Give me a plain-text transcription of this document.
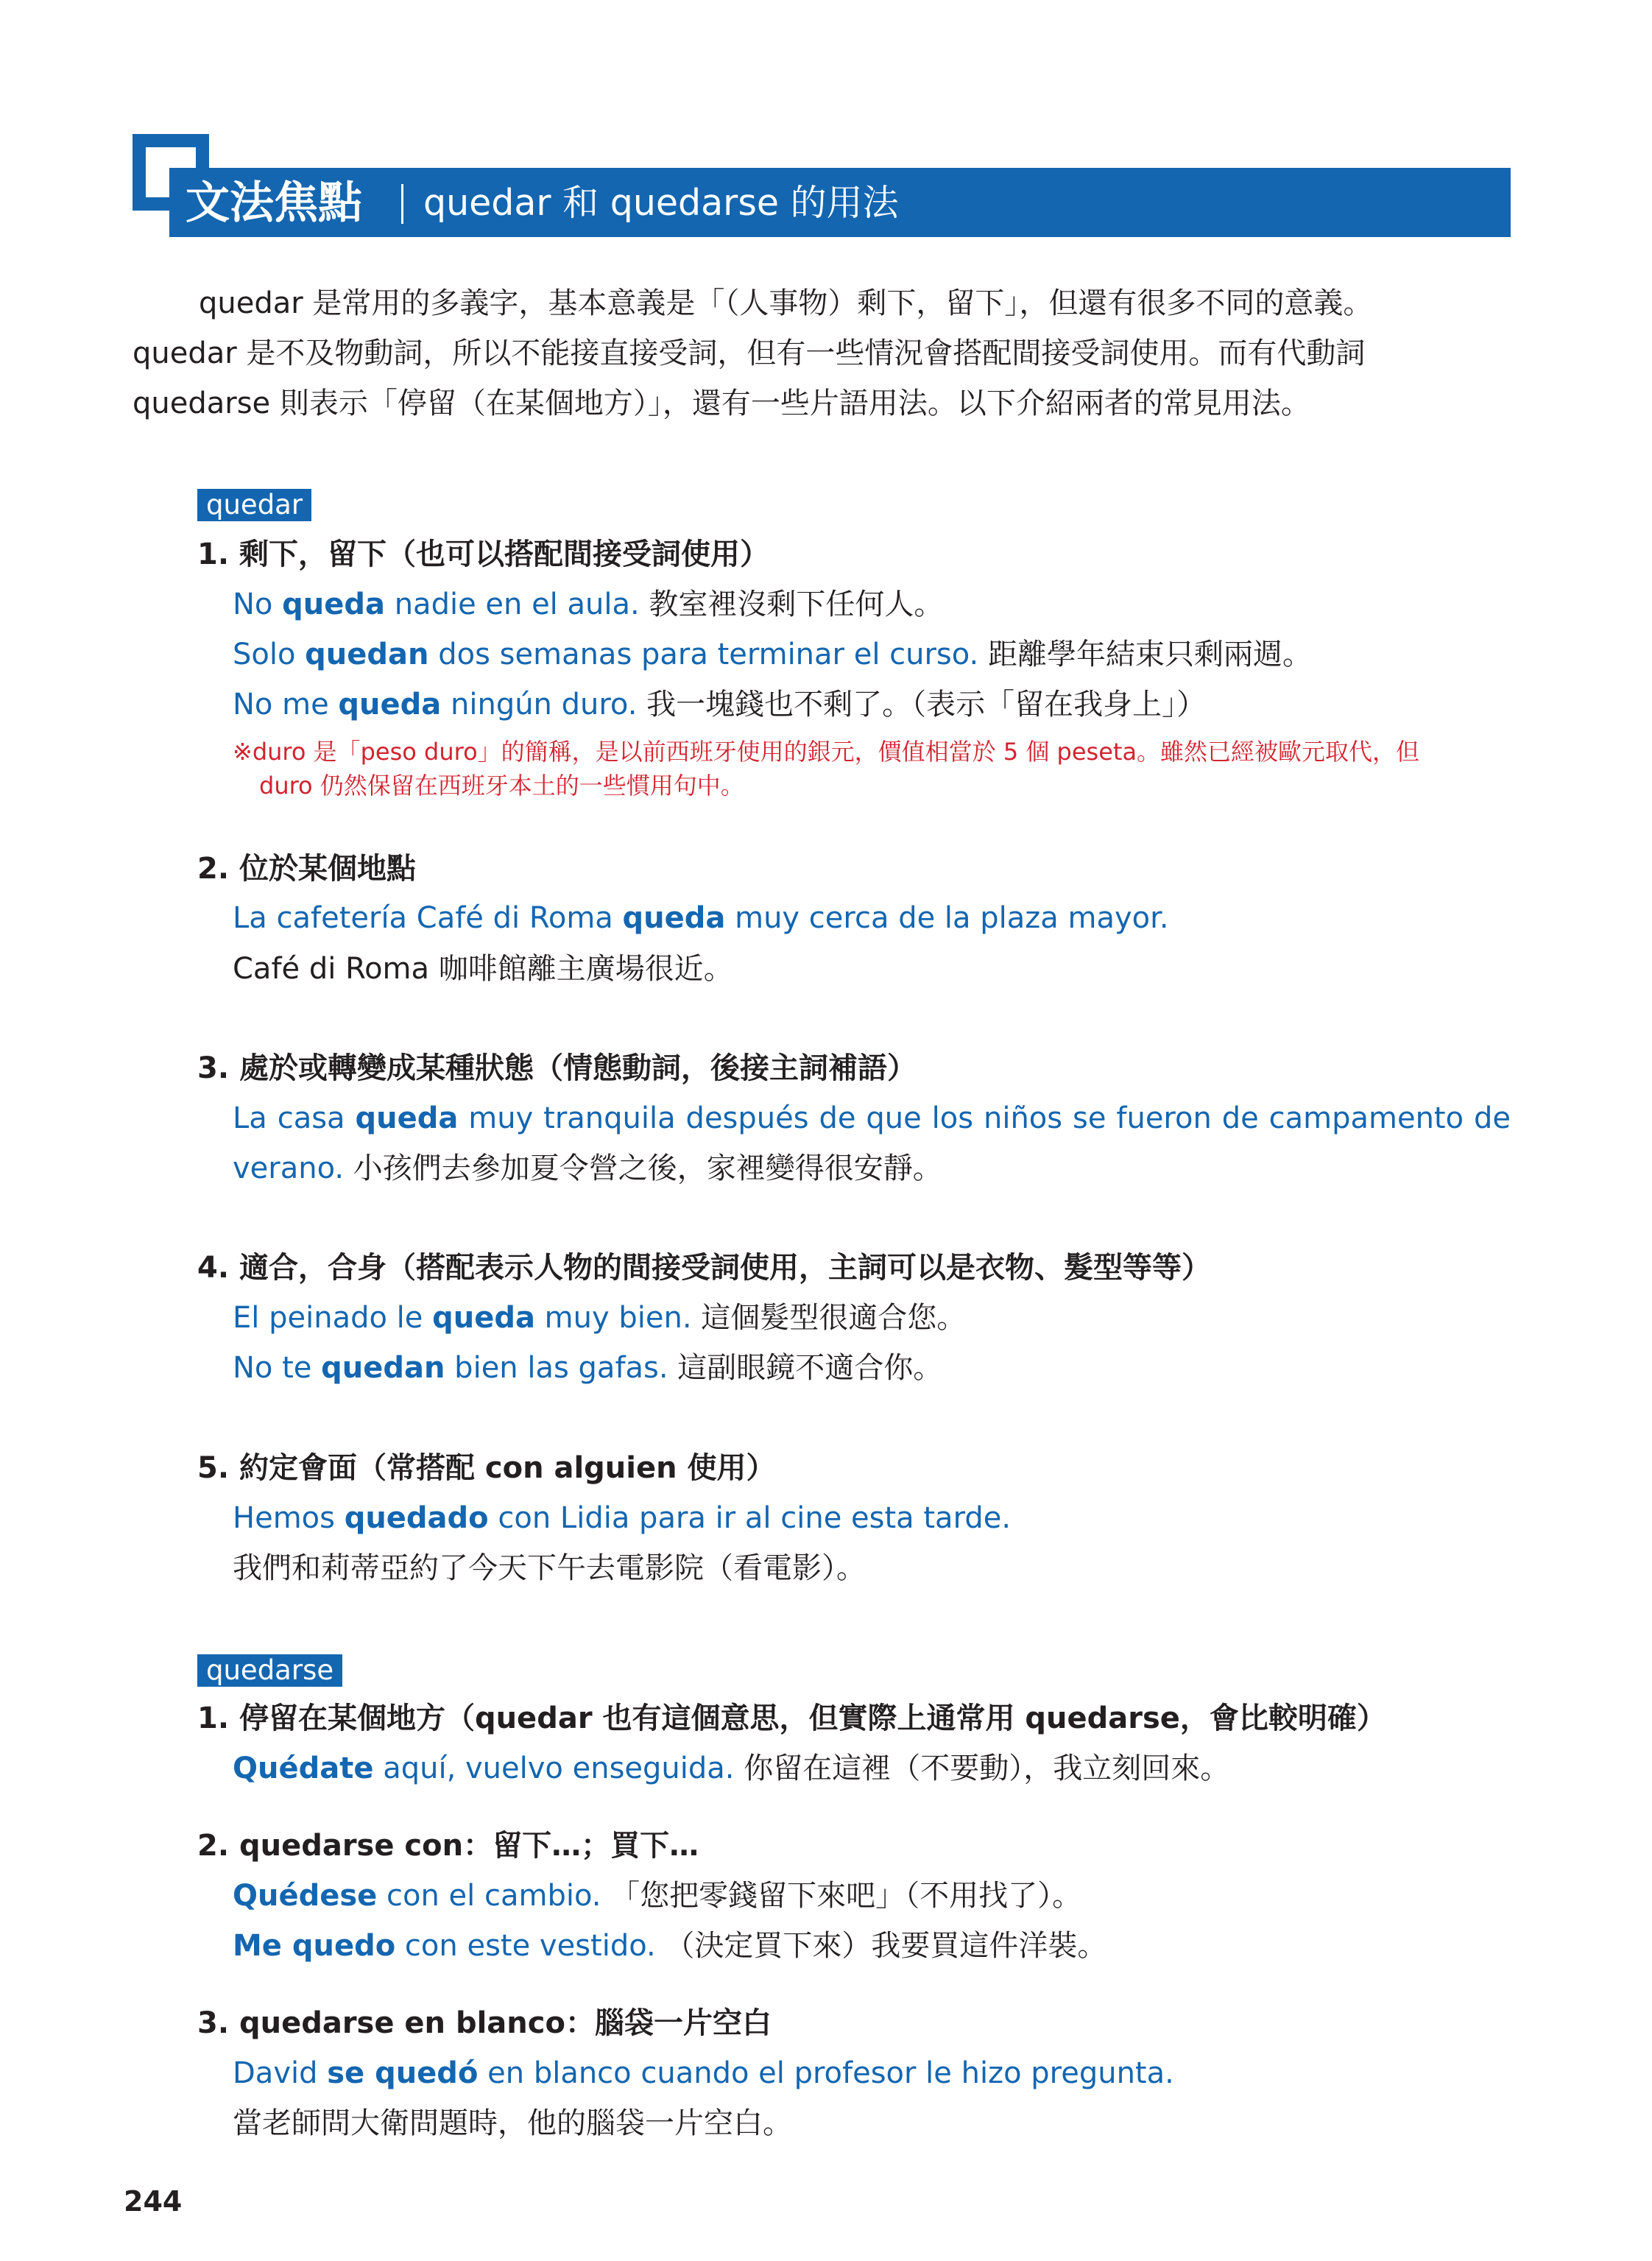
文法焦點 quedar 和 quedarse 的用法
quedar 是常用的多義字，基本意義是「（人事物）剩下，留下」，但還有很多不同的意義。
quedar 是不及物動詞，所以不能接直接受詞，但有一些情況會搭配間接受詞使用。而有代動詞
quedarse 則表示「停留（在某個地方）」，還有一些片語用法。以下介紹兩者的常見用法。
quedar
1. 剩下，留下（也可以搭配間接受詞使用）
No queda nadie en el aula. 教室裡沒剩下任何人。
Solo quedan dos semanas para terminar el curso. 距離學年結束只剩兩週。
No me queda ningún duro. 我一塊錢也不剩了。（表示「留在我身上」）
※duro 是「peso duro」的簡稱，是以前西班牙使用的銀元，價值相當於 5 個 peseta。雖然已經被歐元取代，但
duro 仍然保留在西班牙本土的一些慣用句中。
2. 位於某個地點
La cafetería Café di Roma queda muy cerca de la plaza mayor.
Café di Roma 咖啡館離主廣場很近。
3. 處於或轉變成某種狀態（情態動詞，後接主詞補語）
La casa queda muy tranquila después de que los niños se fueron de campamento de
verano. 小孩們去參加夏令營之後，家裡變得很安靜。
4. 適合，合身（搭配表示人物的間接受詞使用，主詞可以是衣物、髮型等等）
El peinado le queda muy bien. 這個髮型很適合您。
No te quedan bien las gafas. 這副眼鏡不適合你。
5. 約定會面（常搭配 con alguien 使用）
Hemos quedado con Lidia para ir al cine esta tarde.
我們和莉蒂亞約了今天下午去電影院（看電影）。
quedarse
1. 停留在某個地方（quedar 也有這個意思，但實際上通常用 quedarse，會比較明確）
Quédate aquí, vuelvo enseguida. 你留在這裡（不要動），我立刻回來。
2. quedarse con：留下…；買下…
Quédese con el cambio. 「您把零錢留下來吧」（不用找了）。
Me quedo con este vestido. （決定買下來）我要買這件洋裝。
3. quedarse en blanco：腦袋一片空白
David se quedó en blanco cuando el profesor le hizo pregunta.
當老師問大衛問題時，他的腦袋一片空白。
244
